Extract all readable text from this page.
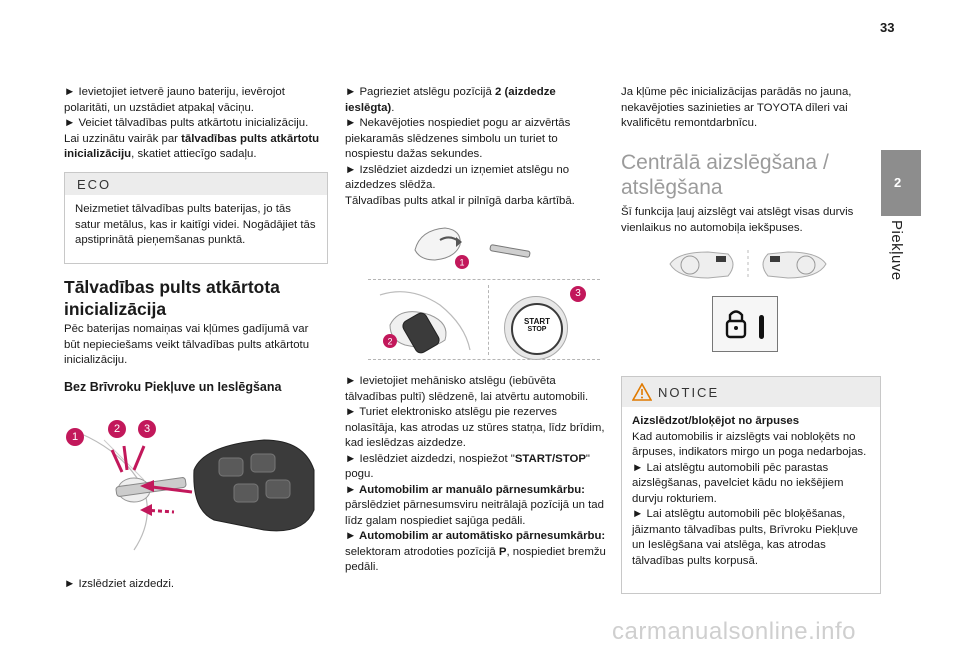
33
2
Piekļuve

► Ievietojiet ietverē jauno bateriju, ievērojot polaritāti, un uzstādiet atpakaļ vāciņu.

► Veiciet tālvadības pults atkārtotu inicializāciju.

Lai uzzinātu vairāk par tālvadības pults atkārtotu inicializāciju, skatiet attiecīgo sadaļu.

ECO
Neizmetiet tālvadības pults baterijas, jo tās satur metālus, kas ir kaitīgi videi. Nogādājiet tās apstiprinātā pieņemšanas punktā.
Tālvadības pults atkārtota inicializācija
Pēc baterijas nomaiņas vai kļūmes gadījumā var būt nepieciešams veikt tālvadības pults atkārtotu inicializāciju.
Bez Brīvroku Piekļuve un Ieslēgšana
1
2	3
► Izslēdziet aizdedzi.

► Pagrieziet atslēgu pozīcijā 2 (aizdedze ieslēgta).

► Nekavējoties nospiediet pogu ar aizvērtās piekaramās slēdzenes simbolu un turiet to nospiestu dažas sekundes.

► Izslēdziet aizdedzi un izņemiet atslēgu no aizdedzes slēdža.

Tālvadības pults atkal ir pilnīgā darba kārtībā.

1
2
START
STOP
3

► Ievietojiet mehānisko atslēgu (iebūvēta tālvadības pultī) slēdzenē, lai atvērtu automobili.

► Turiet elektronisko atslēgu pie rezerves nolasītāja, kas atrodas uz stūres statņa, līdz brīdim, kad ieslēdzas aizdedze.

► Ieslēdziet aizdedzi, nospiežot "START/STOP" pogu.

► Automobilim ar manuālo pārnesumkārbu: pārslēdziet pārnesumsviru neitrālajā pozīcijā un tad līdz galam nospiediet sajūga pedāli.

► Automobilim ar automātisko pārnesumkārbu: selektoram atrodoties pozīcijā P, nospiediet bremžu pedāli.

Ja kļūme pēc inicializācijas parādās no jauna, nekavējoties sazinieties ar TOYOTA dīleri vai kvalificētu remontdarbnīcu.
Centrālā aizslēgšana / atslēgšana
Šī funkcija ļauj aizslēgt vai atslēgt visas durvis vienlaikus no automobiļa iekšpuses.
NOTICE

Aizslēdzot/bloķējot no ārpuses

Kad automobilis ir aizslēgts vai nobloķēts no ārpuses, indikators mirgo un poga nedarbojas.

► Lai atslēgtu automobili pēc parastas aizslēgšanas, pavelciet kādu no iekšējiem durvju rokturiem.

► Lai atslēgtu automobili pēc bloķēšanas, jāizmanto tālvadības pults, Brīvroku Piekļuve un Ieslēgšana vai atslēga, kas atrodas tālvadības pults korpusā.

carmanualsonline.info
